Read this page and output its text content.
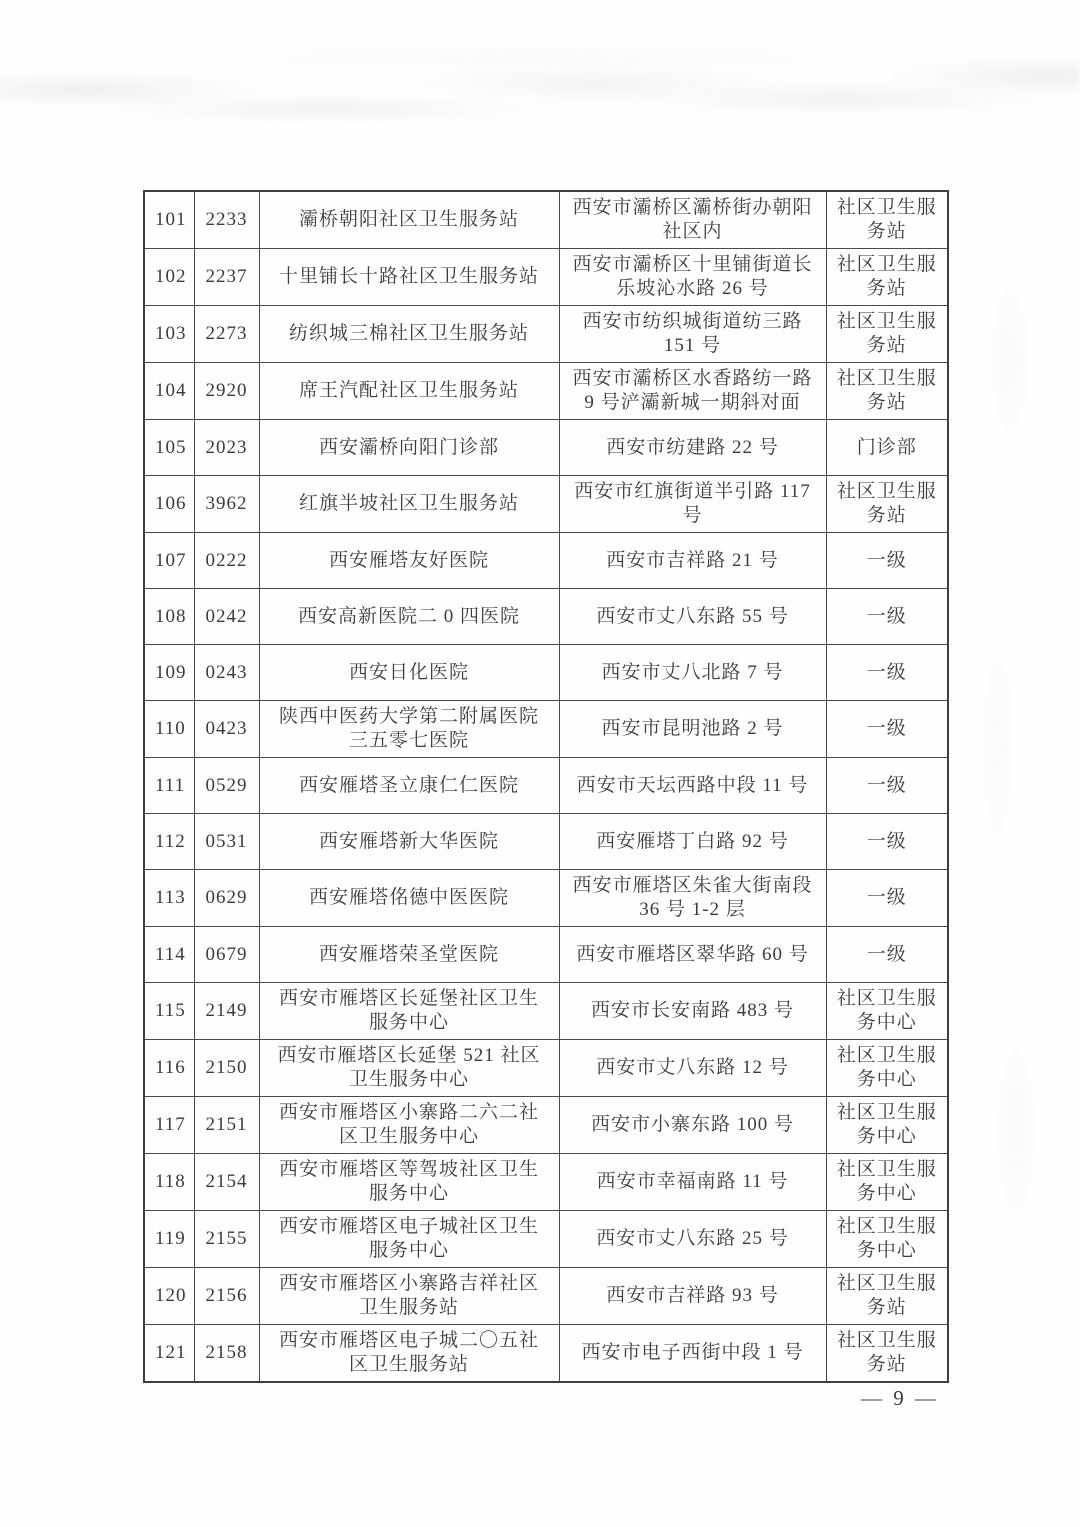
101	2233	灞桥朝阳社区卫生服务站	西安市灞桥区灞桥街办朝阳社区内	社区卫生服务站
102	2237	十里铺长十路社区卫生服务站	西安市灞桥区十里铺街道长乐坡沁水路 26 号	社区卫生服务站
103	2273	纺织城三棉社区卫生服务站	西安市纺织城街道纺三路 151 号	社区卫生服务站
104	2920	席王汽配社区卫生服务站	西安市灞桥区水香路纺一路 9 号浐灞新城一期斜对面	社区卫生服务站
105	2023	西安灞桥向阳门诊部	西安市纺建路 22 号	门诊部
106	3962	红旗半坡社区卫生服务站	西安市红旗街道半引路 117 号	社区卫生服务站
107	0222	西安雁塔友好医院	西安市吉祥路 21 号	一级
108	0242	西安高新医院二 0 四医院	西安市丈八东路 55 号	一级
109	0243	西安日化医院	西安市丈八北路 7 号	一级
110	0423	陕西中医药大学第二附属医院三五零七医院	西安市昆明池路 2 号	一级
111	0529	西安雁塔圣立康仁仁医院	西安市天坛西路中段 11 号	一级
112	0531	西安雁塔新大华医院	西安雁塔丁白路 92 号	一级
113	0629	西安雁塔佲德中医医院	西安市雁塔区朱雀大街南段 36 号 1-2 层	一级
114	0679	西安雁塔荣圣堂医院	西安市雁塔区翠华路 60 号	一级
115	2149	西安市雁塔区长延堡社区卫生服务中心	西安市长安南路 483 号	社区卫生服务中心
116	2150	西安市雁塔区长延堡 521 社区卫生服务中心	西安市丈八东路 12 号	社区卫生服务中心
117	2151	西安市雁塔区小寨路二六二社区卫生服务中心	西安市小寨东路 100 号	社区卫生服务中心
118	2154	西安市雁塔区等驾坡社区卫生服务中心	西安市幸福南路 11 号	社区卫生服务中心
119	2155	西安市雁塔区电子城社区卫生服务中心	西安市丈八东路 25 号	社区卫生服务中心
120	2156	西安市雁塔区小寨路吉祥社区卫生服务站	西安市吉祥路 93 号	社区卫生服务站
121	2158	西安市雁塔区电子城二〇五社区卫生服务站	西安市电子西街中段 1 号	社区卫生服务站
— 9 —
